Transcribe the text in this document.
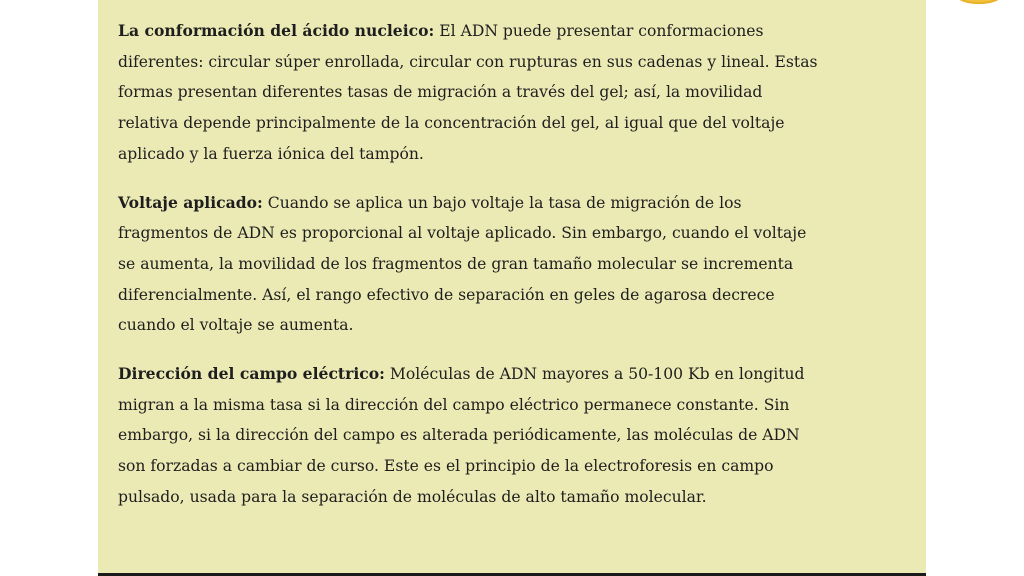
La conformación del ácido nucleico: El ADN puede presentar conformaciones diferentes: circular súper enrollada, circular con rupturas en sus cadenas y lineal. Estas formas presentan diferentes tasas de migración a través del gel; así, la movilidad relativa depende principalmente de la concentración del gel, al igual que del voltaje aplicado y la fuerza iónica del tampón.

Voltaje aplicado: Cuando se aplica un bajo voltaje la tasa de migración de los fragmentos de ADN es proporcional al voltaje aplicado. Sin embargo, cuando el voltaje se aumenta, la movilidad de los fragmentos de gran tamaño molecular se incrementa diferencialmente. Así, el rango efectivo de separación en geles de agarosa decrece cuando el voltaje se aumenta.

Dirección del campo eléctrico: Moléculas de ADN mayores a 50-100 Kb en longitud migran a la misma tasa si la dirección del campo eléctrico permanece constante. Sin embargo, si la dirección del campo es alterada periódicamente, las moléculas de ADN son forzadas a cambiar de curso. Este es el principio de la electroforesis en campo pulsado, usada para la separación de moléculas de alto tamaño molecular.
